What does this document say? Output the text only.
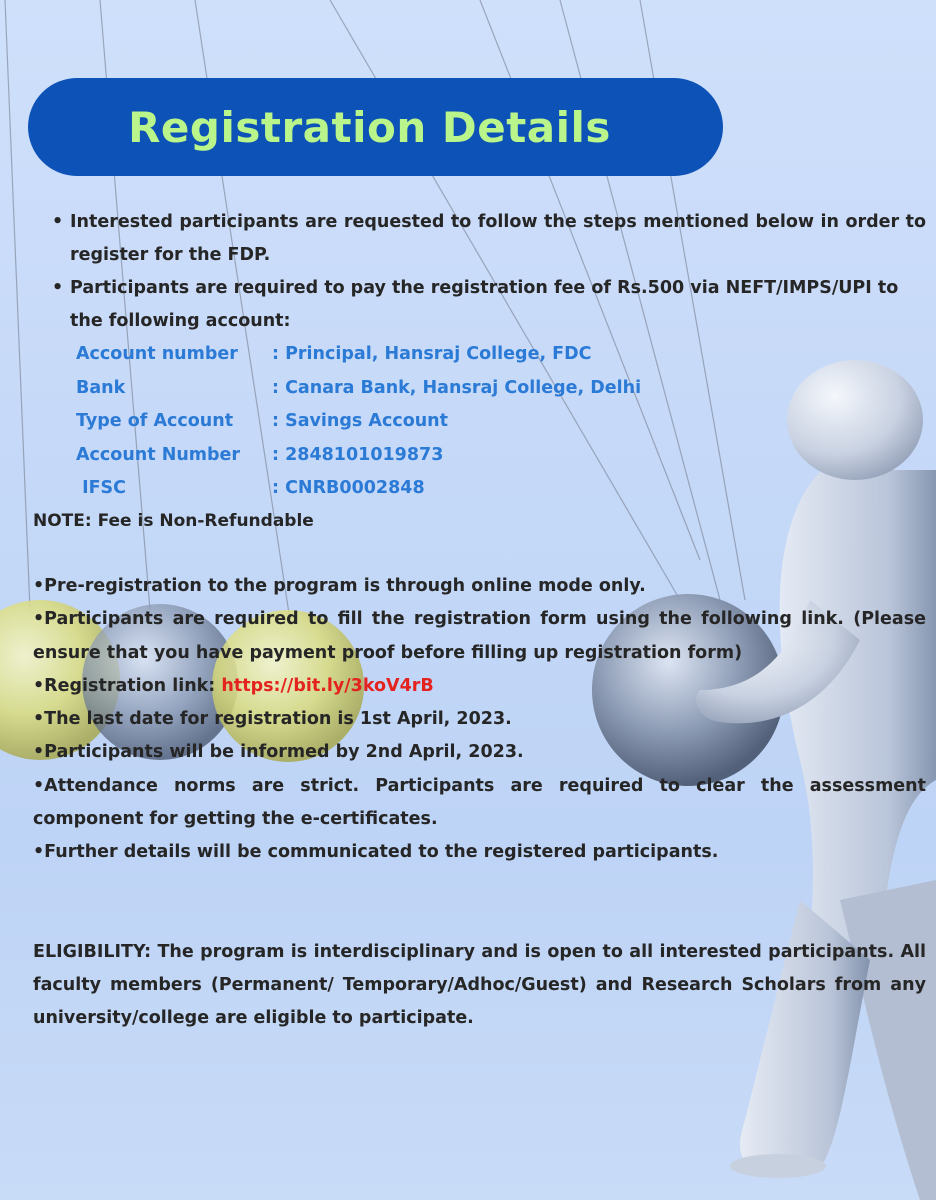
Registration Details
• Interested participants are requested to follow the steps mentioned below in order to register for the FDP.
• Participants are required to pay the registration fee of Rs.500 via NEFT/IMPS/UPI to the following account:
Account number : Principal, Hansraj College, FDC
Bank	: Canara Bank, Hansraj College, Delhi
Type of Account : Savings Account
Account Number : 2848101019873
IFSC	: CNRB0002848
NOTE: Fee is Non-Refundable
•Pre-registration to the program is through online mode only.
•Participants are required to fill the registration form using the following link. (Please ensure that you have payment proof before filling up registration form)
•Registration link: https://bit.ly/3koV4rB
•The last date for registration is 1st April, 2023.
•Participants will be informed by 2nd April, 2023.
•Attendance norms are strict. Participants are required to clear the assessment component for getting the e-certificates.
•Further details will be communicated to the registered participants.
ELIGIBILITY: The program is interdisciplinary and is open to all interested participants. All faculty members (Permanent/ Temporary/Adhoc/Guest) and Research Scholars from any university/college are eligible to participate.
